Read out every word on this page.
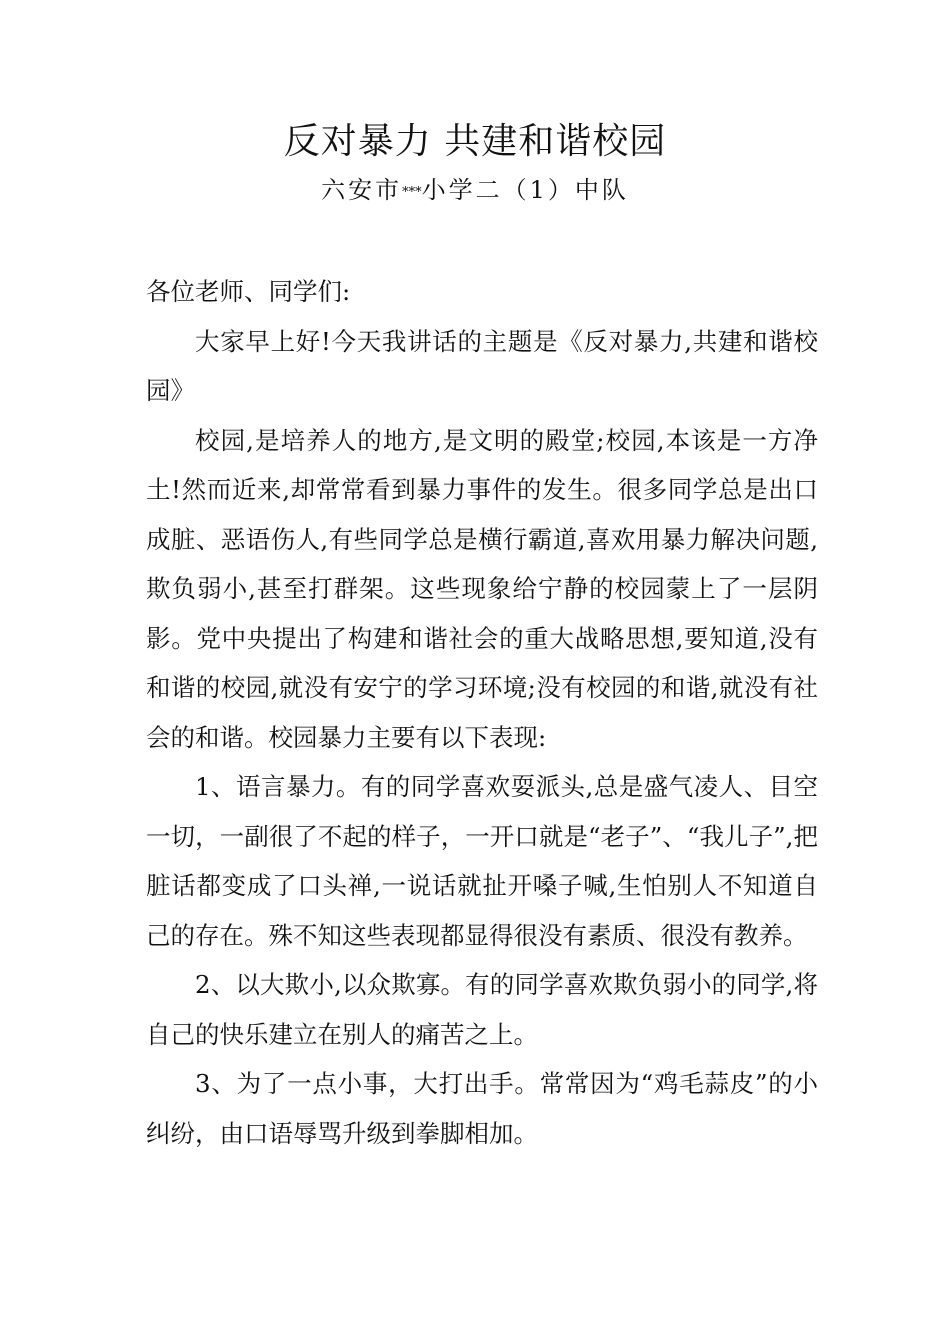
反对暴力 共建和谐校园
六安市***小学二（1）中队

各位老师、同学们:

大家早上好!今天我讲话的主题是《反对暴力,共建和谐校园》

校园,是培养人的地方,是文明的殿堂;校园,本该是一方净土!然而近来,却常常看到暴力事件的发生。很多同学总是出口成脏、恶语伤人,有些同学总是横行霸道,喜欢用暴力解决问题,欺负弱小,甚至打群架。这些现象给宁静的校园蒙上了一层阴影。党中央提出了构建和谐社会的重大战略思想,要知道,没有和谐的校园,就没有安宁的学习环境;没有校园的和谐,就没有社会的和谐。校园暴力主要有以下表现:

1、语言暴力。有的同学喜欢耍派头,总是盛气凌人、目空一切，一副很了不起的样子，一开口就是“老子”、“我儿子”,把脏话都变成了口头禅,一说话就扯开嗓子喊,生怕别人不知道自己的存在。殊不知这些表现都显得很没有素质、很没有教养。

2、以大欺小,以众欺寡。有的同学喜欢欺负弱小的同学,将自己的快乐建立在别人的痛苦之上。

3、为了一点小事，大打出手。常常因为“鸡毛蒜皮”的小纠纷，由口语辱骂升级到拳脚相加。
